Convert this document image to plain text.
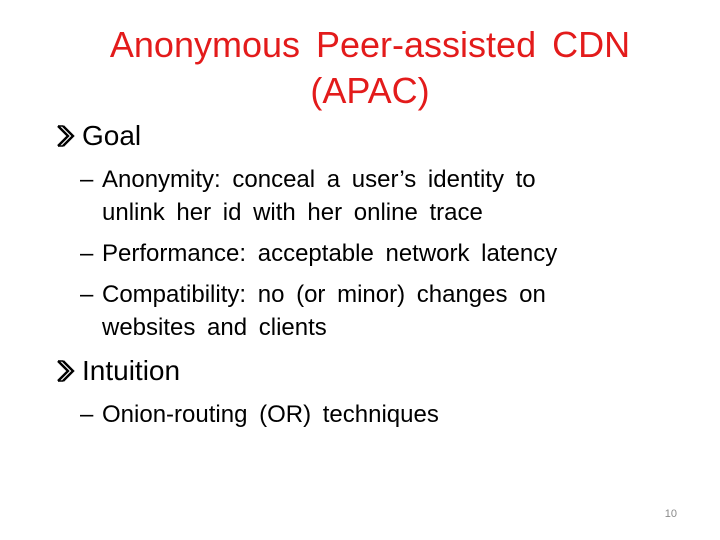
Anonymous Peer-assisted CDN
(APAC)
Goal
– Anonymity: conceal a user’s identity to
unlink her id with her online trace
– Performance: acceptable network latency
– Compatibility: no (or minor) changes on
websites and clients
Intuition
– Onion-routing (OR) techniques
10
